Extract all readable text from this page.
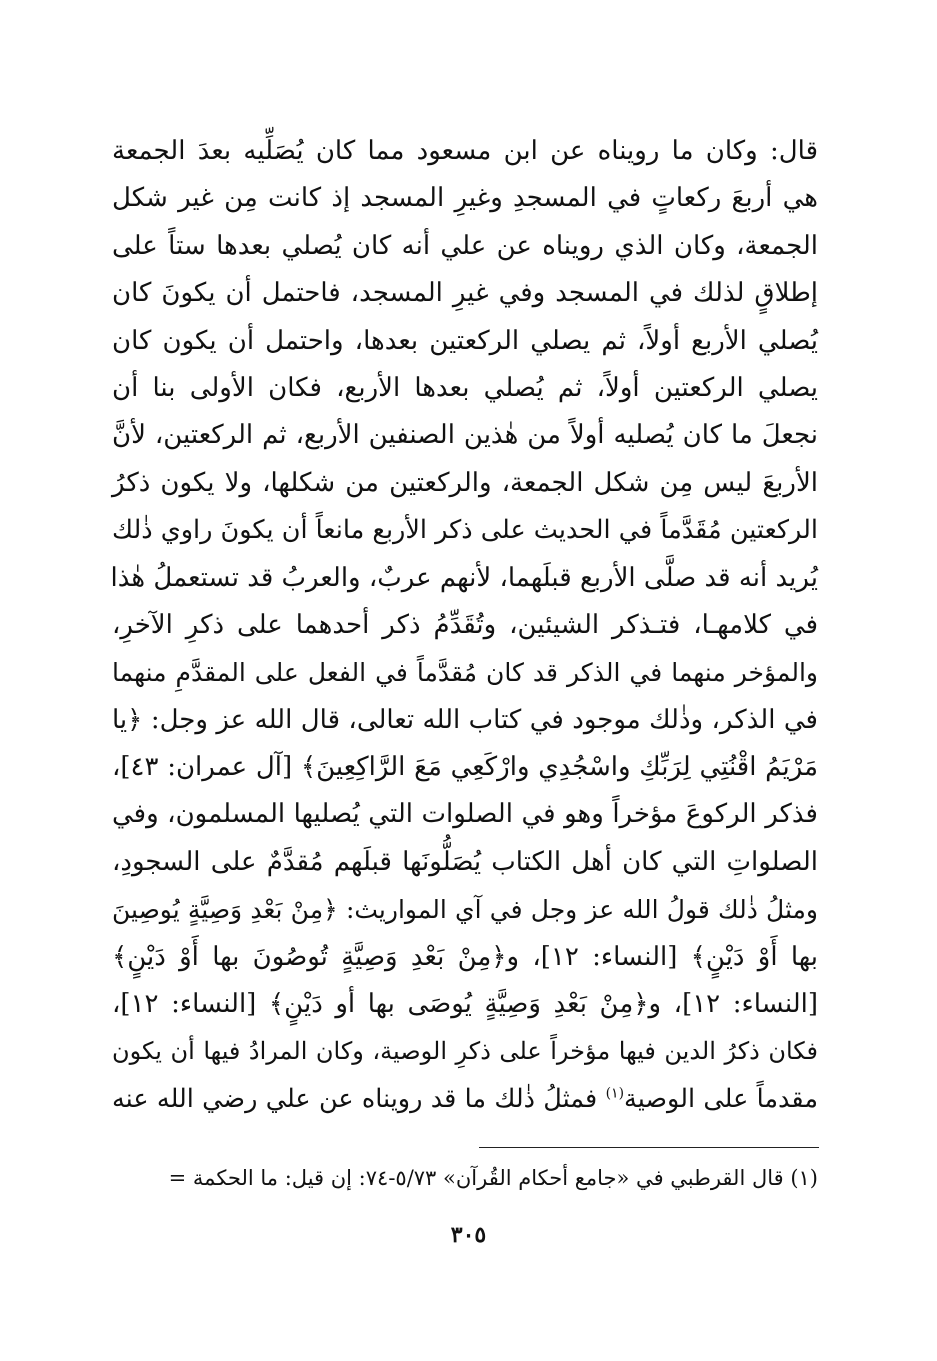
قال: وكان ما رويناه عن ابن مسعود مما كان يُصَلِّيه بعدَ الجمعة
هي أربعَ ركعاتٍ في المسجدِ وغيرِ المسجد إذ كانت مِن غير شكل
الجمعة، وكان الذي رويناه عن علي أنه كان يُصلي بعدها ستاً على
إطلاقٍ لذلك في المسجد وفي غيرِ المسجد، فاحتمل أن يكونَ كان
يُصلي الأربع أولاً، ثم يصلي الركعتين بعدها، واحتمل أن يكون كان
يصلي الركعتين أولاً، ثم يُصلي بعدها الأربع، فكان الأولى بنا أن
نجعلَ ما كان يُصليه أولاً من هٰذين الصنفين الأربع، ثم الركعتين، لأنَّ
الأربعَ ليس مِن شكل الجمعة، والركعتين من شكلها، ولا يكون ذكرُ
الركعتين مُقَدَّماً في الحديث على ذكر الأربع مانعاً أن يكونَ راوي ذٰلك
يُريد أنه قد صلَّى الأربع قبلَهما، لأنهم عربٌ، والعربُ قد تستعملُ هٰذا
في كلامهـا، فتـذكر الشيئين، وتُقَدِّمُ ذكر أحدهما على ذكرِ الآخرِ،
والمؤخر منهما في الذكر قد كان مُقدَّماً في الفعل على المقدَّمِ منهما
في الذكر، وذٰلك موجود في كتاب الله تعالى، قال الله عز وجل: ﴿يا
مَرْيَمُ اقْنُتِي لِرَبِّكِ واسْجُدِي وارْكَعِي مَعَ الرَّاكِعِينَ﴾ [آل عمران: ٤٣]،
فذكر الركوعَ مؤخراً وهو في الصلوات التي يُصليها المسلمون، وفي
الصلواتِ التي كان أهل الكتاب يُصَلُّونَها قبلَهم مُقدَّمٌ على السجودِ،
ومثلُ ذٰلك قولُ الله عز وجل في آي المواريث: ﴿مِنْ بَعْدِ وَصِيَّةٍ يُوصِينَ
بها أَوْ دَيْنٍ﴾ [النساء: ١٢]، و﴿مِنْ بَعْدِ وَصِيَّةٍ تُوصُونَ بها أَوْ دَيْنٍ﴾
[النساء: ١٢]، و﴿مِنْ بَعْدِ وَصِيَّةٍ يُوصَى بها أو دَيْنٍ﴾ [النساء: ١٢]،
فكان ذكرُ الدين فيها مؤخراً على ذكرِ الوصية، وكان المرادُ فيها أن يكون
مقدماً على الوصية$^{(١)}$ فمثلُ ذٰلك ما قد رويناه عن علي رضي الله عنه
(١) قال القرطبي في «جامع أحكام القُرآن» ٥/٧٣-٧٤: إن قيل: ما الحكمة =
٣٠٥
